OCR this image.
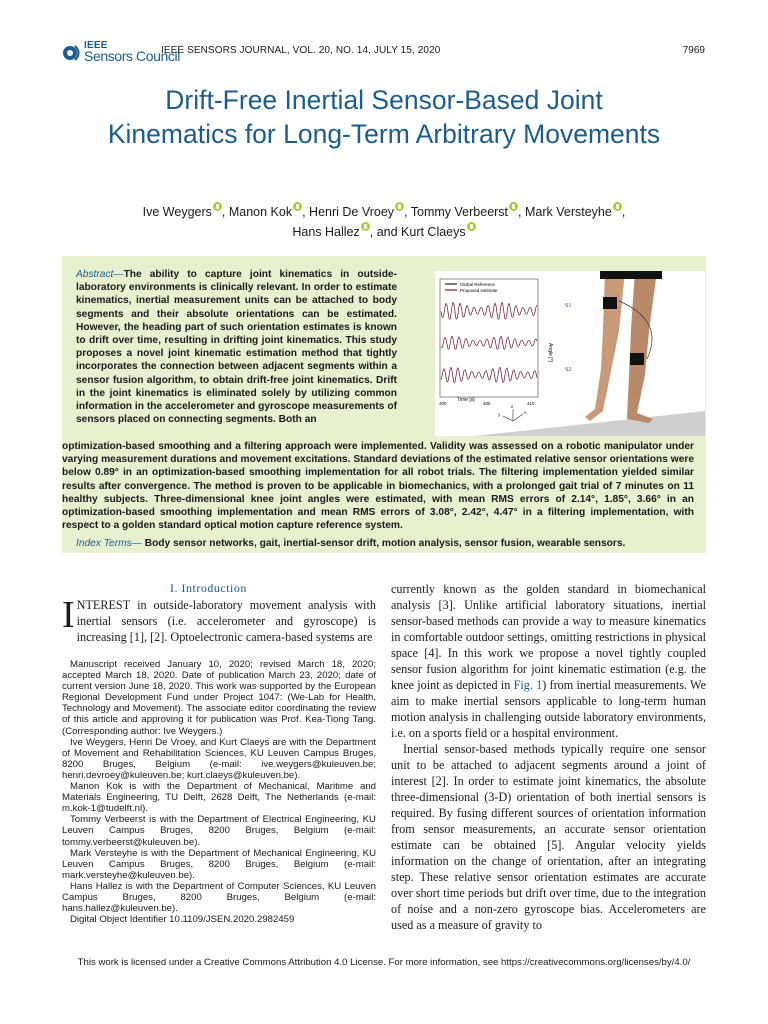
IEEE
Sensors Council
IEEE SENSORS JOURNAL, VOL. 20, NO. 14, JULY 15, 2020	7969
Drift-Free Inertial Sensor-Based Joint Kinematics for Long-Term Arbitrary Movements
Ive Weygers , Manon Kok , Henri De Vroey , Tommy Verbeerst , Mark Versteyhe ,
Hans Hallez , and Kurt Claeys
Abstract—The ability to capture joint kinematics in outside-laboratory environments is clinically relevant. In order to estimate kinematics, inertial measurement units can be attached to body segments and their absolute orientations can be estimated. However, the heading part of such orientation estimates is known to drift over time, resulting in drifting joint kinematics. This study proposes a novel joint kinematic estimation method that tightly incorporates the connection between adjacent segments within a sensor fusion algorithm, to obtain drift-free joint kinematics. Drift in the joint kinematics is eliminated solely by utilizing common information in the accelerometer and gyroscope measurements of sensors placed on connecting segments. Both an
optimization-based smoothing and a filtering approach were implemented. Validity was assessed on a robotic manipulator under varying measurement durations and movement excitations. Standard deviations of the estimated relative sensor orientations were below 0.89° in an optimization-based smoothing implementation for all robot trials. The filtering implementation yielded similar results after convergence. The method is proven to be applicable in biomechanics, with a prolonged gait trial of 7 minutes on 11 healthy subjects. Three-dimensional knee joint angles were estimated, with mean RMS errors of 2.14°, 1.85°, 3.66° in an optimization-based smoothing implementation and mean RMS errors of 3.08°, 2.42°, 4.47° in a filtering implementation, with respect to a golden standard optical motion capture reference system.
Index Terms— Body sensor networks, gait, inertial-sensor drift, motion analysis, sensor fusion, wearable sensors.
Global Reference
Proposed estimate
400	405	410
Time [s]
Angle [°]
S1
S2
x
y
z
I. Introduction
INTEREST in outside-laboratory movement analysis with inertial sensors (i.e. accelerometer and gyroscope) is increasing [1], [2]. Optoelectronic camera-based systems are

Manuscript received January 10, 2020; revised March 18, 2020; accepted March 18, 2020. Date of publication March 23, 2020; date of current version June 18, 2020. This work was supported by the European Regional Development Fund under Project 1047: (We-Lab for Health, Technology and Movement). The associate editor coordinating the review of this article and approving it for publication was Prof. Kea-Tiong Tang. (Corresponding author: Ive Weygers.)

Ive Weygers, Henri De Vroey, and Kurt Claeys are with the Department of Movement and Rehabilitation Sciences, KU Leuven Campus Bruges, 8200 Bruges, Belgium (e-mail: ive.weygers@kuleuven.be; henri.devroey@kuleuven.be; kurt.claeys@kuleuven.be).

Manon Kok is with the Department of Mechanical, Maritime and Materials Engineering, TU Delft, 2628 Delft, The Netherlands (e-mail: m.kok-1@tudelft.nl).

Tommy Verbeerst is with the Department of Electrical Engineering, KU Leuven Campus Bruges, 8200 Bruges, Belgium (e-mail: tommy.verbeerst@kuleuven.be).

Mark Versteyhe is with the Department of Mechanical Engineering, KU Leuven Campus Bruges, 8200 Bruges, Belgium (e-mail: mark.versteyhe@kuleuven.be).

Hans Hallez is with the Department of Computer Sciences, KU Leuven Campus Bruges, 8200 Bruges, Belgium (e-mail: hans.hallez@kuleuven.be).

Digital Object Identifier 10.1109/JSEN.2020.2982459

currently known as the golden standard in biomechanical analysis [3]. Unlike artificial laboratory situations, inertial sensor-based methods can provide a way to measure kinematics in comfortable outdoor settings, omitting restrictions in physical space [4]. In this work we propose a novel tightly coupled sensor fusion algorithm for joint kinematic estimation (e.g. the knee joint as depicted in Fig. 1) from inertial measurements. We aim to make inertial sensors applicable to long-term human motion analysis in challenging outside laboratory environments, i.e. on a sports field or a hospital environment.

Inertial sensor-based methods typically require one sensor unit to be attached to adjacent segments around a joint of interest [2]. In order to estimate joint kinematics, the absolute three-dimensional (3-D) orientation of both inertial sensors is required. By fusing different sources of orientation information from sensor measurements, an accurate sensor orientation estimate can be obtained [5]. Angular velocity yields information on the change of orientation, after an integrating step. These relative sensor orientation estimates are accurate over short time periods but drift over time, due to the integration of noise and a non-zero gyroscope bias. Accelerometers are used as a measure of gravity to

This work is licensed under a Creative Commons Attribution 4.0 License. For more information, see https://creativecommons.org/licenses/by/4.0/
